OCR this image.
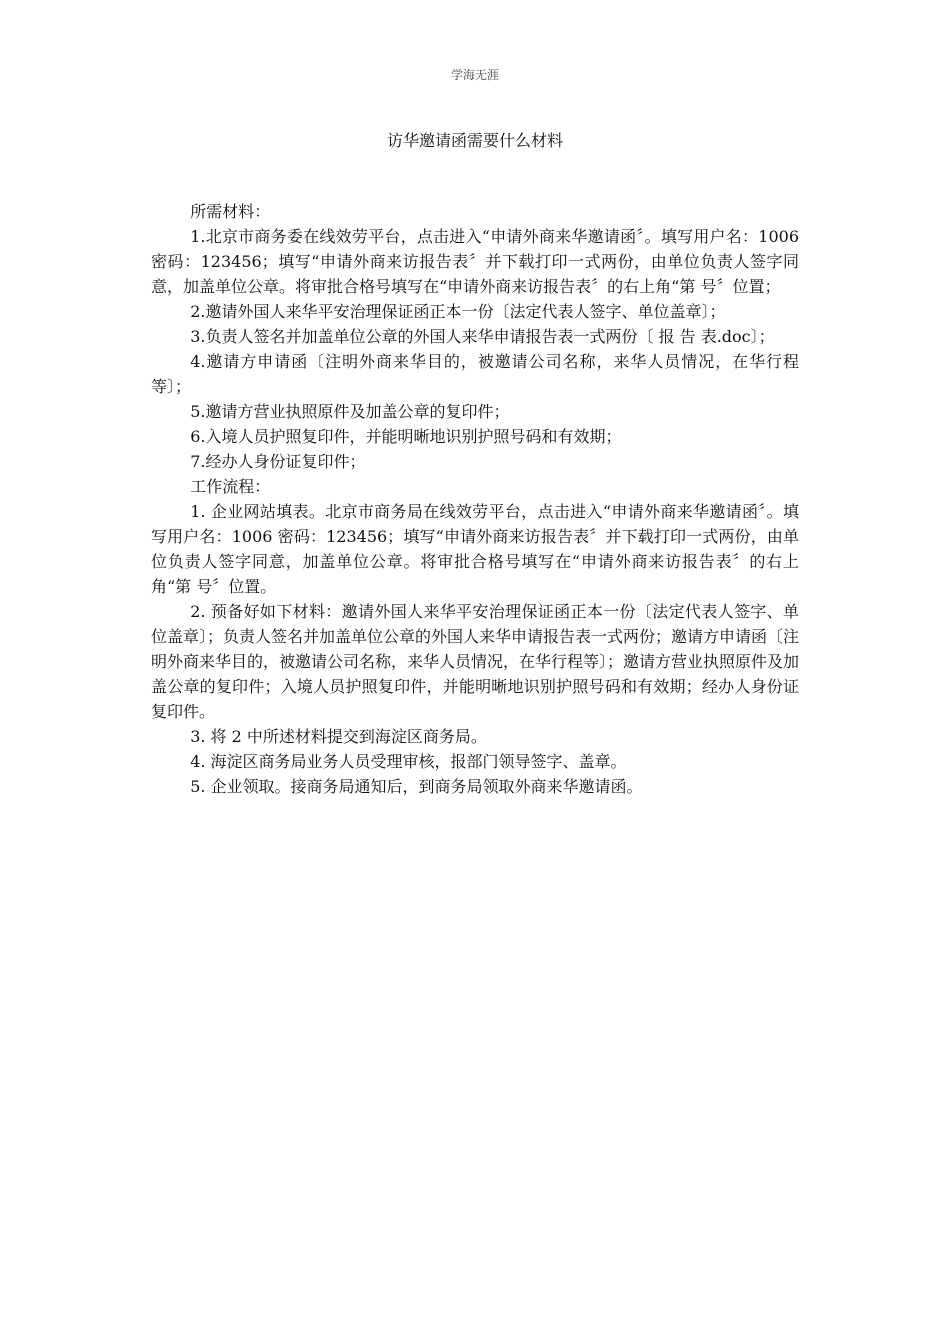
学海无涯
访华邀请函需要什么材料

所需材料：

1.北京市商务委在线效劳平台，点击进入“申请外商来华邀请函〞。填写用户名：1006 密码：123456；填写“申请外商来访报告表〞并下载打印一式两份，由单位负责人签字同意，加盖单位公章。将审批合格号填写在“申请外商来访报告表〞的右上角“第 号〞位置；

2.邀请外国人来华平安治理保证函正本一份〔法定代表人签字、单位盖章〕；

3.负责人签名并加盖单位公章的外国人来华申请报告表一式两份〔 报 告 表.doc〕；

4.邀请方申请函〔注明外商来华目的，被邀请公司名称，来华人员情况，在华行程等〕；

5.邀请方营业执照原件及加盖公章的复印件；

6.入境人员护照复印件，并能明晰地识别护照号码和有效期；

7.经办人身份证复印件；

工作流程：

1. 企业网站填表。北京市商务局在线效劳平台，点击进入“申请外商来华邀请函〞。填写用户名：1006 密码：123456；填写“申请外商来访报告表〞并下载打印一式两份，由单位负责人签字同意，加盖单位公章。将审批合格号填写在“申请外商来访报告表〞的右上角“第 号〞位置。

2. 预备好如下材料：邀请外国人来华平安治理保证函正本一份〔法定代表人签字、单位盖章〕；负责人签名并加盖单位公章的外国人来华申请报告表一式两份；邀请方申请函〔注明外商来华目的，被邀请公司名称，来华人员情况，在华行程等〕；邀请方营业执照原件及加盖公章的复印件；入境人员护照复印件，并能明晰地识别护照号码和有效期；经办人身份证复印件。

3. 将 2 中所述材料提交到海淀区商务局。

4. 海淀区商务局业务人员受理审核，报部门领导签字、盖章。

5. 企业领取。接商务局通知后，到商务局领取外商来华邀请函。
